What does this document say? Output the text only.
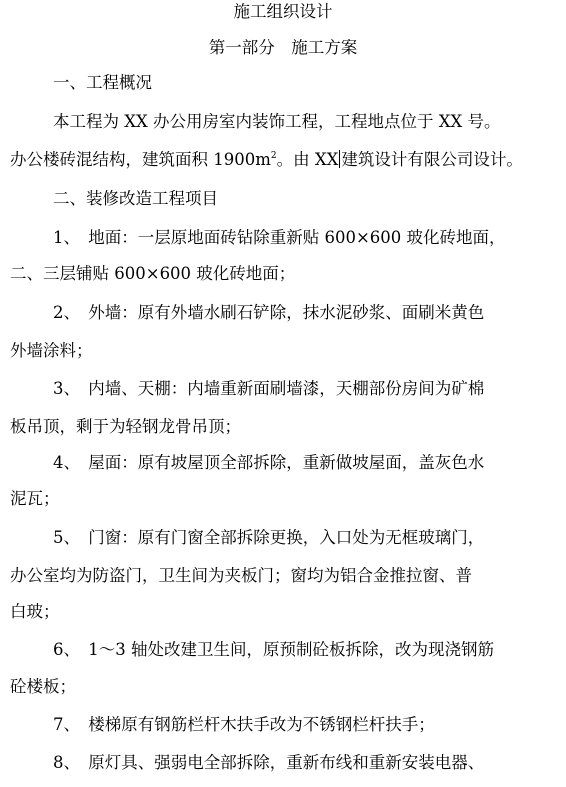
施工组织设计
第一部分　施工方案
一、工程概况
本工程为 XX 办公用房室内装饰工程，工程地点位于 XX 号。
办公楼砖混结构，建筑面积 $1900m^2$。由 XX 建筑设计有限公司设计。
二、装修改造工程项目
1、　地面：一层原地面砖钻除重新贴 600×600 玻化砖地面，
二、三层铺贴 600×600 玻化砖地面；
2、　外墙：原有外墙水刷石铲除，抹水泥砂浆、面刷米黄色
外墙涂料；
3、　内墙、天棚：内墙重新面刷墙漆，天棚部份房间为矿棉
板吊顶，剩于为轻钢龙骨吊顶；
4、　屋面：原有坡屋顶全部拆除，重新做坡屋面，盖灰色水
泥瓦；
5、　门窗：原有门窗全部拆除更换，入口处为无框玻璃门，
办公室均为防盗门，卫生间为夹板门；窗均为铝合金推拉窗、普
白玻；
6、　1～3 轴处改建卫生间，原预制砼板拆除，改为现浇钢筋
砼楼板；
7、　楼梯原有钢筋栏杆木扶手改为不锈钢栏杆扶手；
8、　原灯具、强弱电全部拆除，重新布线和重新安装电器、
